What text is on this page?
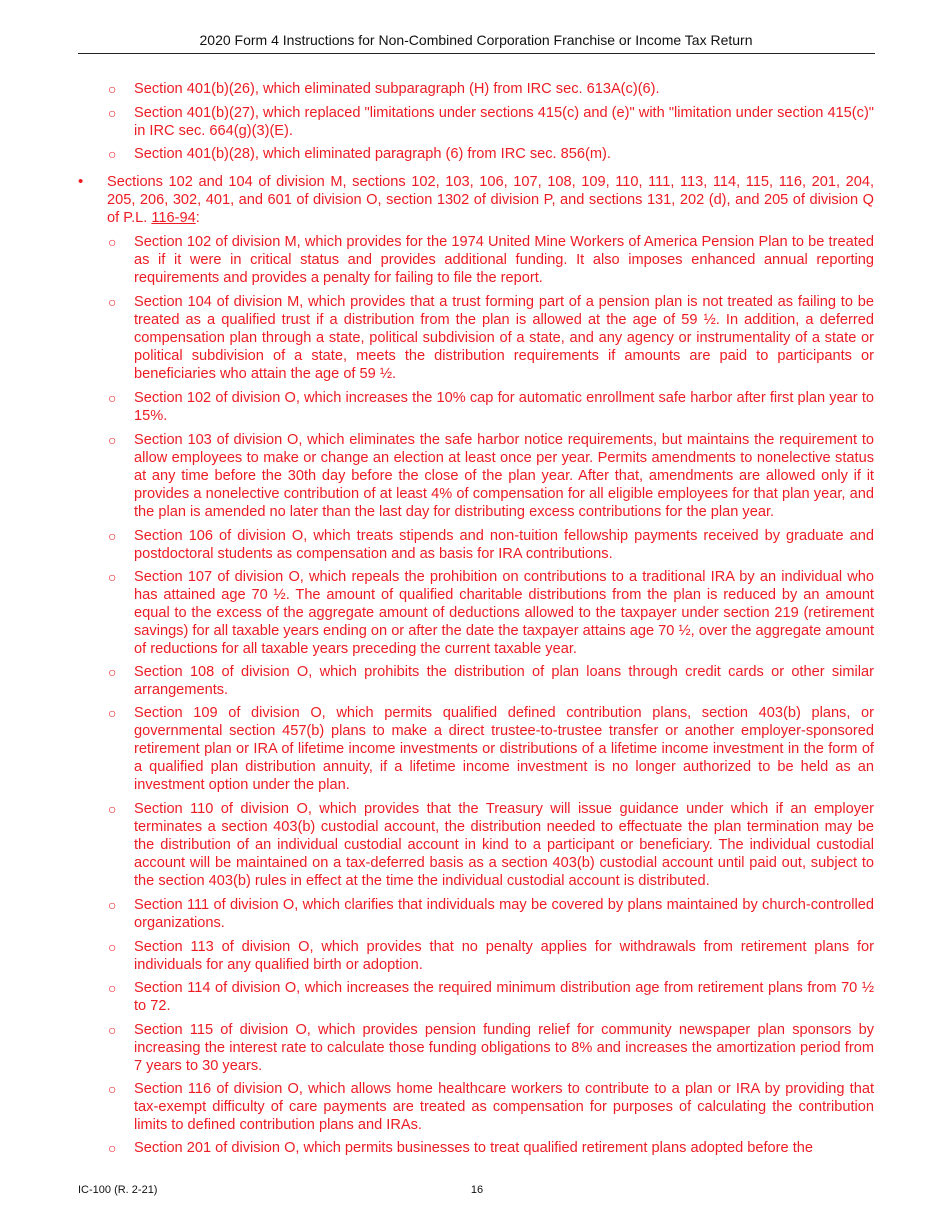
2020 Form 4 Instructions for Non-Combined Corporation Franchise or Income Tax Return
○ Section 401(b)(26), which eliminated subparagraph (H) from IRC sec. 613A(c)(6).
○ Section 401(b)(27), which replaced "limitations under sections 415(c) and (e)" with "limitation under section 415(c)" in IRC sec. 664(g)(3)(E).
○ Section 401(b)(28), which eliminated paragraph (6) from IRC sec. 856(m).
• Sections 102 and 104 of division M, sections 102, 103, 106, 107, 108, 109, 110, 111, 113, 114, 115, 116, 201, 204, 205, 206, 302, 401, and 601 of division O, section 1302 of division P, and sections 131, 202 (d), and 205 of division Q of P.L. 116-94:
○ Section 102 of division M, which provides for the 1974 United Mine Workers of America Pension Plan to be treated as if it were in critical status and provides additional funding. It also imposes enhanced annual reporting requirements and provides a penalty for failing to file the report.
○ Section 104 of division M, which provides that a trust forming part of a pension plan is not treated as failing to be treated as a qualified trust if a distribution from the plan is allowed at the age of 59 ½. In addition, a deferred compensation plan through a state, political subdivision of a state, and any agency or instrumentality of a state or political subdivision of a state, meets the distribution requirements if amounts are paid to participants or beneficiaries who attain the age of 59 ½.
○ Section 102 of division O, which increases the 10% cap for automatic enrollment safe harbor after first plan year to 15%.
○ Section 103 of division O, which eliminates the safe harbor notice requirements, but maintains the requirement to allow employees to make or change an election at least once per year. Permits amendments to nonelective status at any time before the 30th day before the close of the plan year. After that, amendments are allowed only if it provides a nonelective contribution of at least 4% of compensation for all eligible employees for that plan year, and the plan is amended no later than the last day for distributing excess contributions for the plan year.
○ Section 106 of division O, which treats stipends and non-tuition fellowship payments received by graduate and postdoctoral students as compensation and as basis for IRA contributions.
○ Section 107 of division O, which repeals the prohibition on contributions to a traditional IRA by an individual who has attained age 70 ½. The amount of qualified charitable distributions from the plan is reduced by an amount equal to the excess of the aggregate amount of deductions allowed to the taxpayer under section 219 (retirement savings) for all taxable years ending on or after the date the taxpayer attains age 70 ½, over the aggregate amount of reductions for all taxable years preceding the current taxable year.
○ Section 108 of division O, which prohibits the distribution of plan loans through credit cards or other similar arrangements.
○ Section 109 of division O, which permits qualified defined contribution plans, section 403(b) plans, or governmental section 457(b) plans to make a direct trustee-to-trustee transfer or another employer-sponsored retirement plan or IRA of lifetime income investments or distributions of a lifetime income investment in the form of a qualified plan distribution annuity, if a lifetime income investment is no longer authorized to be held as an investment option under the plan.
○ Section 110 of division O, which provides that the Treasury will issue guidance under which if an employer terminates a section 403(b) custodial account, the distribution needed to effectuate the plan termination may be the distribution of an individual custodial account in kind to a participant or beneficiary. The individual custodial account will be maintained on a tax-deferred basis as a section 403(b) custodial account until paid out, subject to the section 403(b) rules in effect at the time the individual custodial account is distributed.
○ Section 111 of division O, which clarifies that individuals may be covered by plans maintained by church-controlled organizations.
○ Section 113 of division O, which provides that no penalty applies for withdrawals from retirement plans for individuals for any qualified birth or adoption.
○ Section 114 of division O, which increases the required minimum distribution age from retirement plans from 70 ½ to 72.
○ Section 115 of division O, which provides pension funding relief for community newspaper plan sponsors by increasing the interest rate to calculate those funding obligations to 8% and increases the amortization period from 7 years to 30 years.
○ Section 116 of division O, which allows home healthcare workers to contribute to a plan or IRA by providing that tax-exempt difficulty of care payments are treated as compensation for purposes of calculating the contribution limits to defined contribution plans and IRAs.
○ Section 201 of division O, which permits businesses to treat qualified retirement plans adopted before the
IC-100 (R. 2-21)	16
